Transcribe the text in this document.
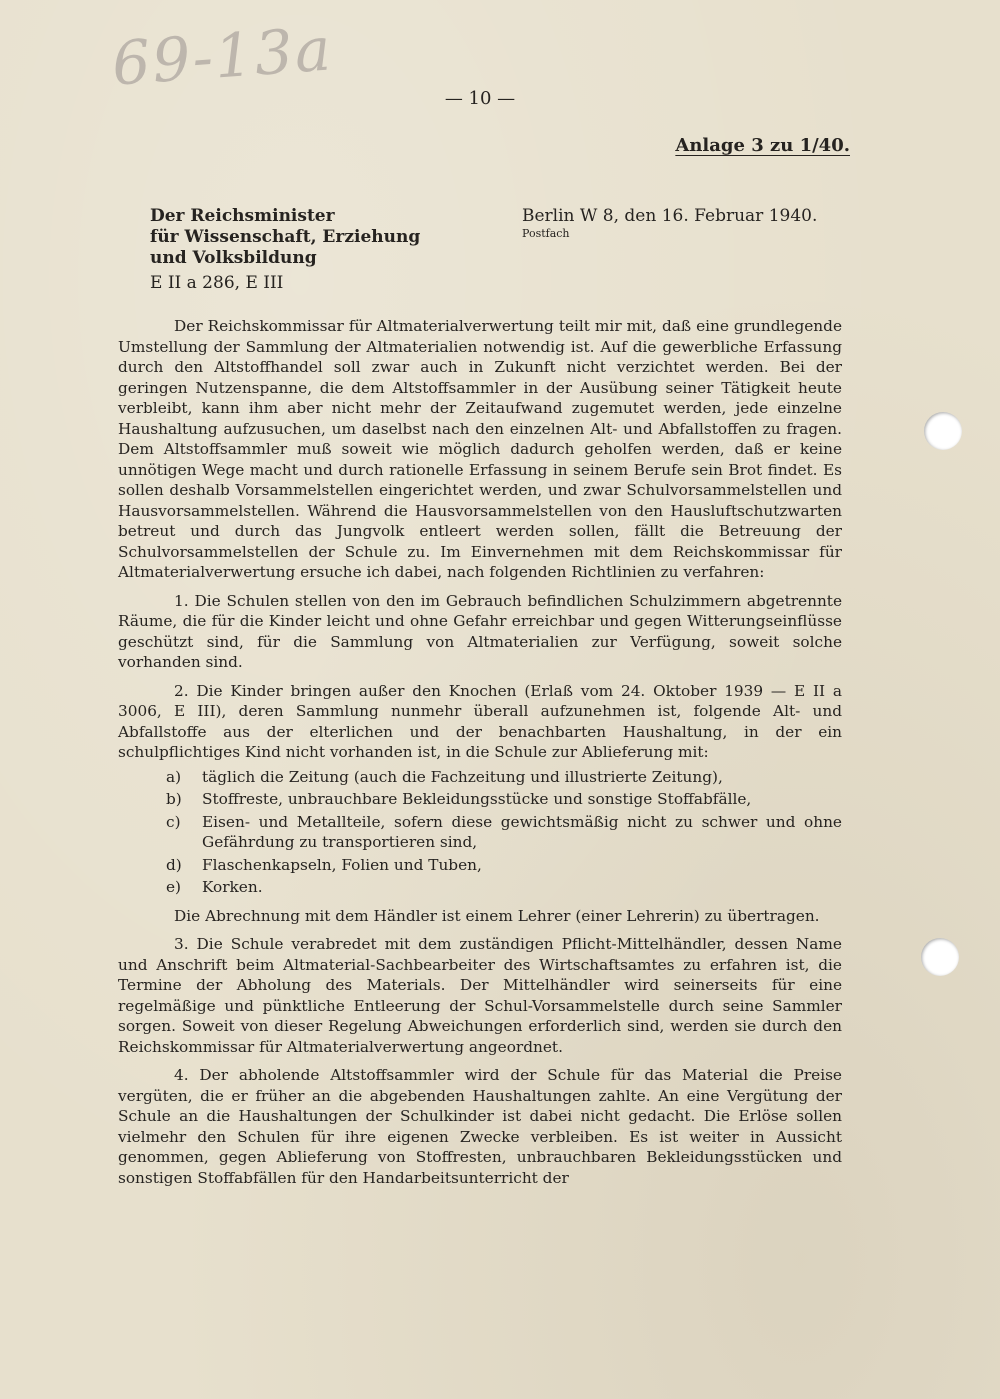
69-13a	— 10 —
Anlage 3 zu 1/40.
Der Reichsminister
für Wissenschaft, Erziehung
und Volksbildung
E II a 286, E III
Berlin W 8, den 16. Februar 1940.
Postfach

Der Reichskommissar für Altmaterialverwertung teilt mir mit, daß eine grundlegende Umstellung der Sammlung der Altmaterialien notwendig ist. Auf die gewerbliche Erfassung durch den Altstoffhandel soll zwar auch in Zukunft nicht verzichtet werden. Bei der geringen Nutzenspanne, die dem Altstoffsammler in der Ausübung seiner Tätigkeit heute verbleibt, kann ihm aber nicht mehr der Zeitaufwand zugemutet werden, jede einzelne Haushaltung aufzusuchen, um daselbst nach den einzelnen Alt- und Abfallstoffen zu fragen. Dem Altstoffsammler muß soweit wie möglich dadurch geholfen werden, daß er keine unnötigen Wege macht und durch rationelle Erfassung in seinem Berufe sein Brot findet. Es sollen deshalb Vorsammelstellen eingerichtet werden, und zwar Schulvorsammelstellen und Hausvorsammelstellen. Während die Hausvorsammelstellen von den Hausluftschutzwarten betreut und durch das Jungvolk entleert werden sollen, fällt die Betreuung der Schulvorsammelstellen der Schule zu. Im Einvernehmen mit dem Reichskommissar für Altmaterialverwertung ersuche ich dabei, nach folgenden Richtlinien zu verfahren:

1. Die Schulen stellen von den im Gebrauch befindlichen Schulzimmern abgetrennte Räume, die für die Kinder leicht und ohne Gefahr erreichbar und gegen Witterungseinflüsse geschützt sind, für die Sammlung von Altmaterialien zur Verfügung, soweit solche vorhanden sind.

2. Die Kinder bringen außer den Knochen (Erlaß vom 24. Oktober 1939 — E II a 3006, E III), deren Sammlung nunmehr überall aufzunehmen ist, folgende Alt- und Abfallstoffe aus der elterlichen und der benachbarten Haushaltung, in der ein schulpflichtiges Kind nicht vorhanden ist, in die Schule zur Ablieferung mit:

a)	täglich die Zeitung (auch die Fachzeitung und illustrierte Zeitung),
b)	Stoffreste, unbrauchbare Bekleidungsstücke und sonstige Stoffabfälle,
c)	Eisen- und Metallteile, sofern diese gewichtsmäßig nicht zu schwer und ohne Gefährdung zu transportieren sind,
d)	Flaschenkapseln, Folien und Tuben,
e)	Korken.

Die Abrechnung mit dem Händler ist einem Lehrer (einer Lehrerin) zu übertragen.

3. Die Schule verabredet mit dem zuständigen Pflicht-Mittelhändler, dessen Name und Anschrift beim Altmaterial-Sachbearbeiter des Wirtschaftsamtes zu erfahren ist, die Termine der Abholung des Materials. Der Mittelhändler wird seinerseits für eine regelmäßige und pünktliche Entleerung der Schul-Vorsammelstelle durch seine Sammler sorgen. Soweit von dieser Regelung Abweichungen erforderlich sind, werden sie durch den Reichskommissar für Altmaterialverwertung angeordnet.

4. Der abholende Altstoffsammler wird der Schule für das Material die Preise vergüten, die er früher an die abgebenden Haushaltungen zahlte. An eine Vergütung der Schule an die Haushaltungen der Schulkinder ist dabei nicht gedacht. Die Erlöse sollen vielmehr den Schulen für ihre eigenen Zwecke verbleiben. Es ist weiter in Aussicht genommen, gegen Ablieferung von Stoffresten, unbrauchbaren Bekleidungsstücken und sonstigen Stoffabfällen für den Handarbeitsunterricht der
